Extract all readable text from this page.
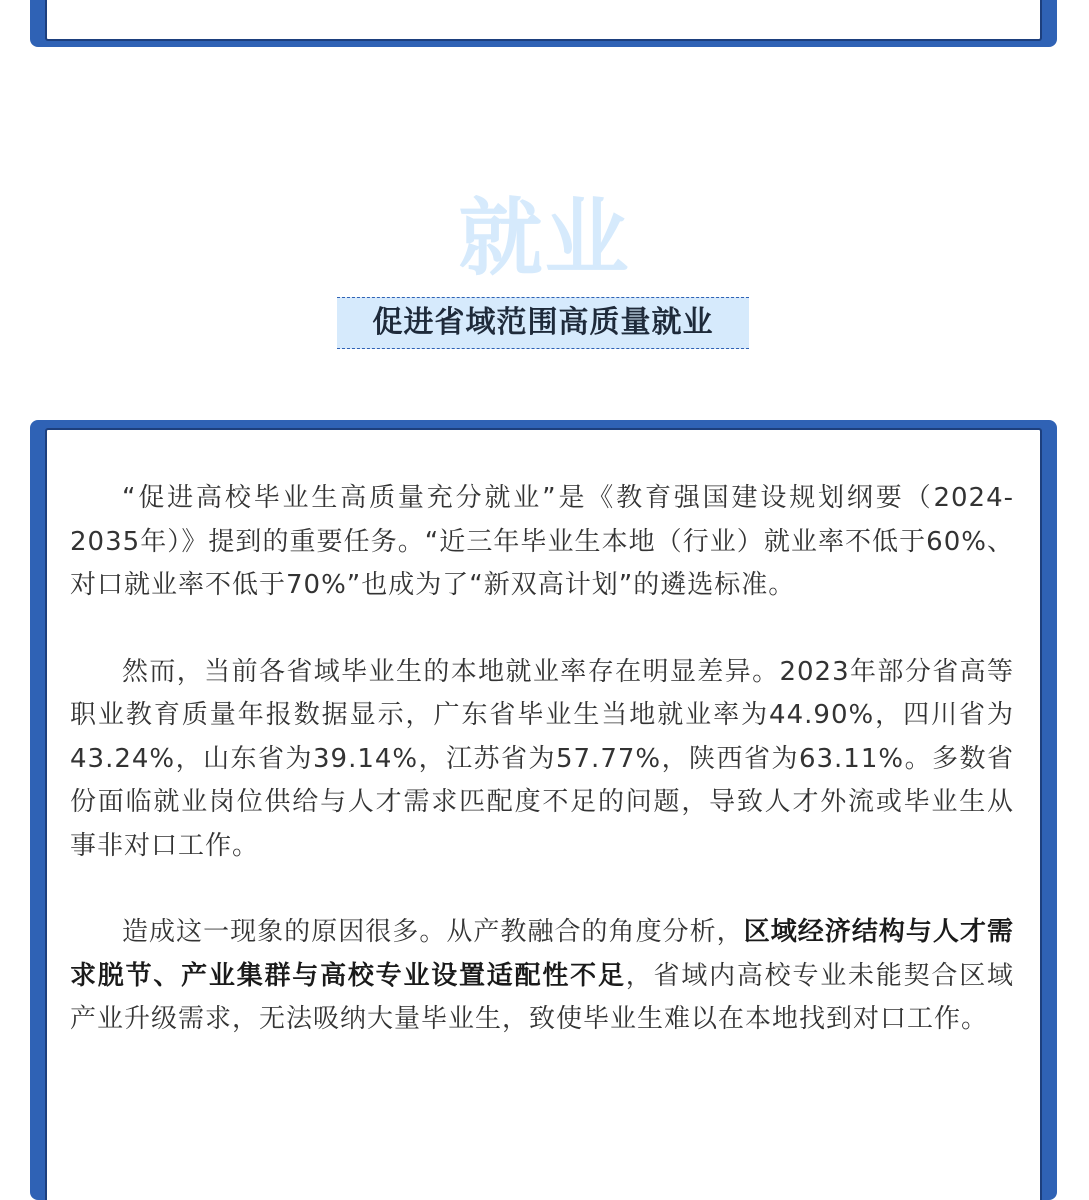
就业
促进省域范围高质量就业

“促进高校毕业生高质量充分就业”是《教育强国建设规划纲要（2024-2035年）》提到的重要任务。“近三年毕业生本地（行业）就业率不低于60%、对口就业率不低于70%”也成为了“新双高计划”的遴选标准。

然而，当前各省域毕业生的本地就业率存在明显差异。2023年部分省高等职业教育质量年报数据显示，广东省毕业生当地就业率为44.90%，四川省为43.24%，山东省为39.14%，江苏省为57.77%，陕西省为63.11%。多数省份面临就业岗位供给与人才需求匹配度不足的问题，导致人才外流或毕业生从事非对口工作。

造成这一现象的原因很多。从产教融合的角度分析，区域经济结构与人才需求脱节、产业集群与高校专业设置适配性不足，省域内高校专业未能契合区域产业升级需求，无法吸纳大量毕业生，致使毕业生难以在本地找到对口工作。
